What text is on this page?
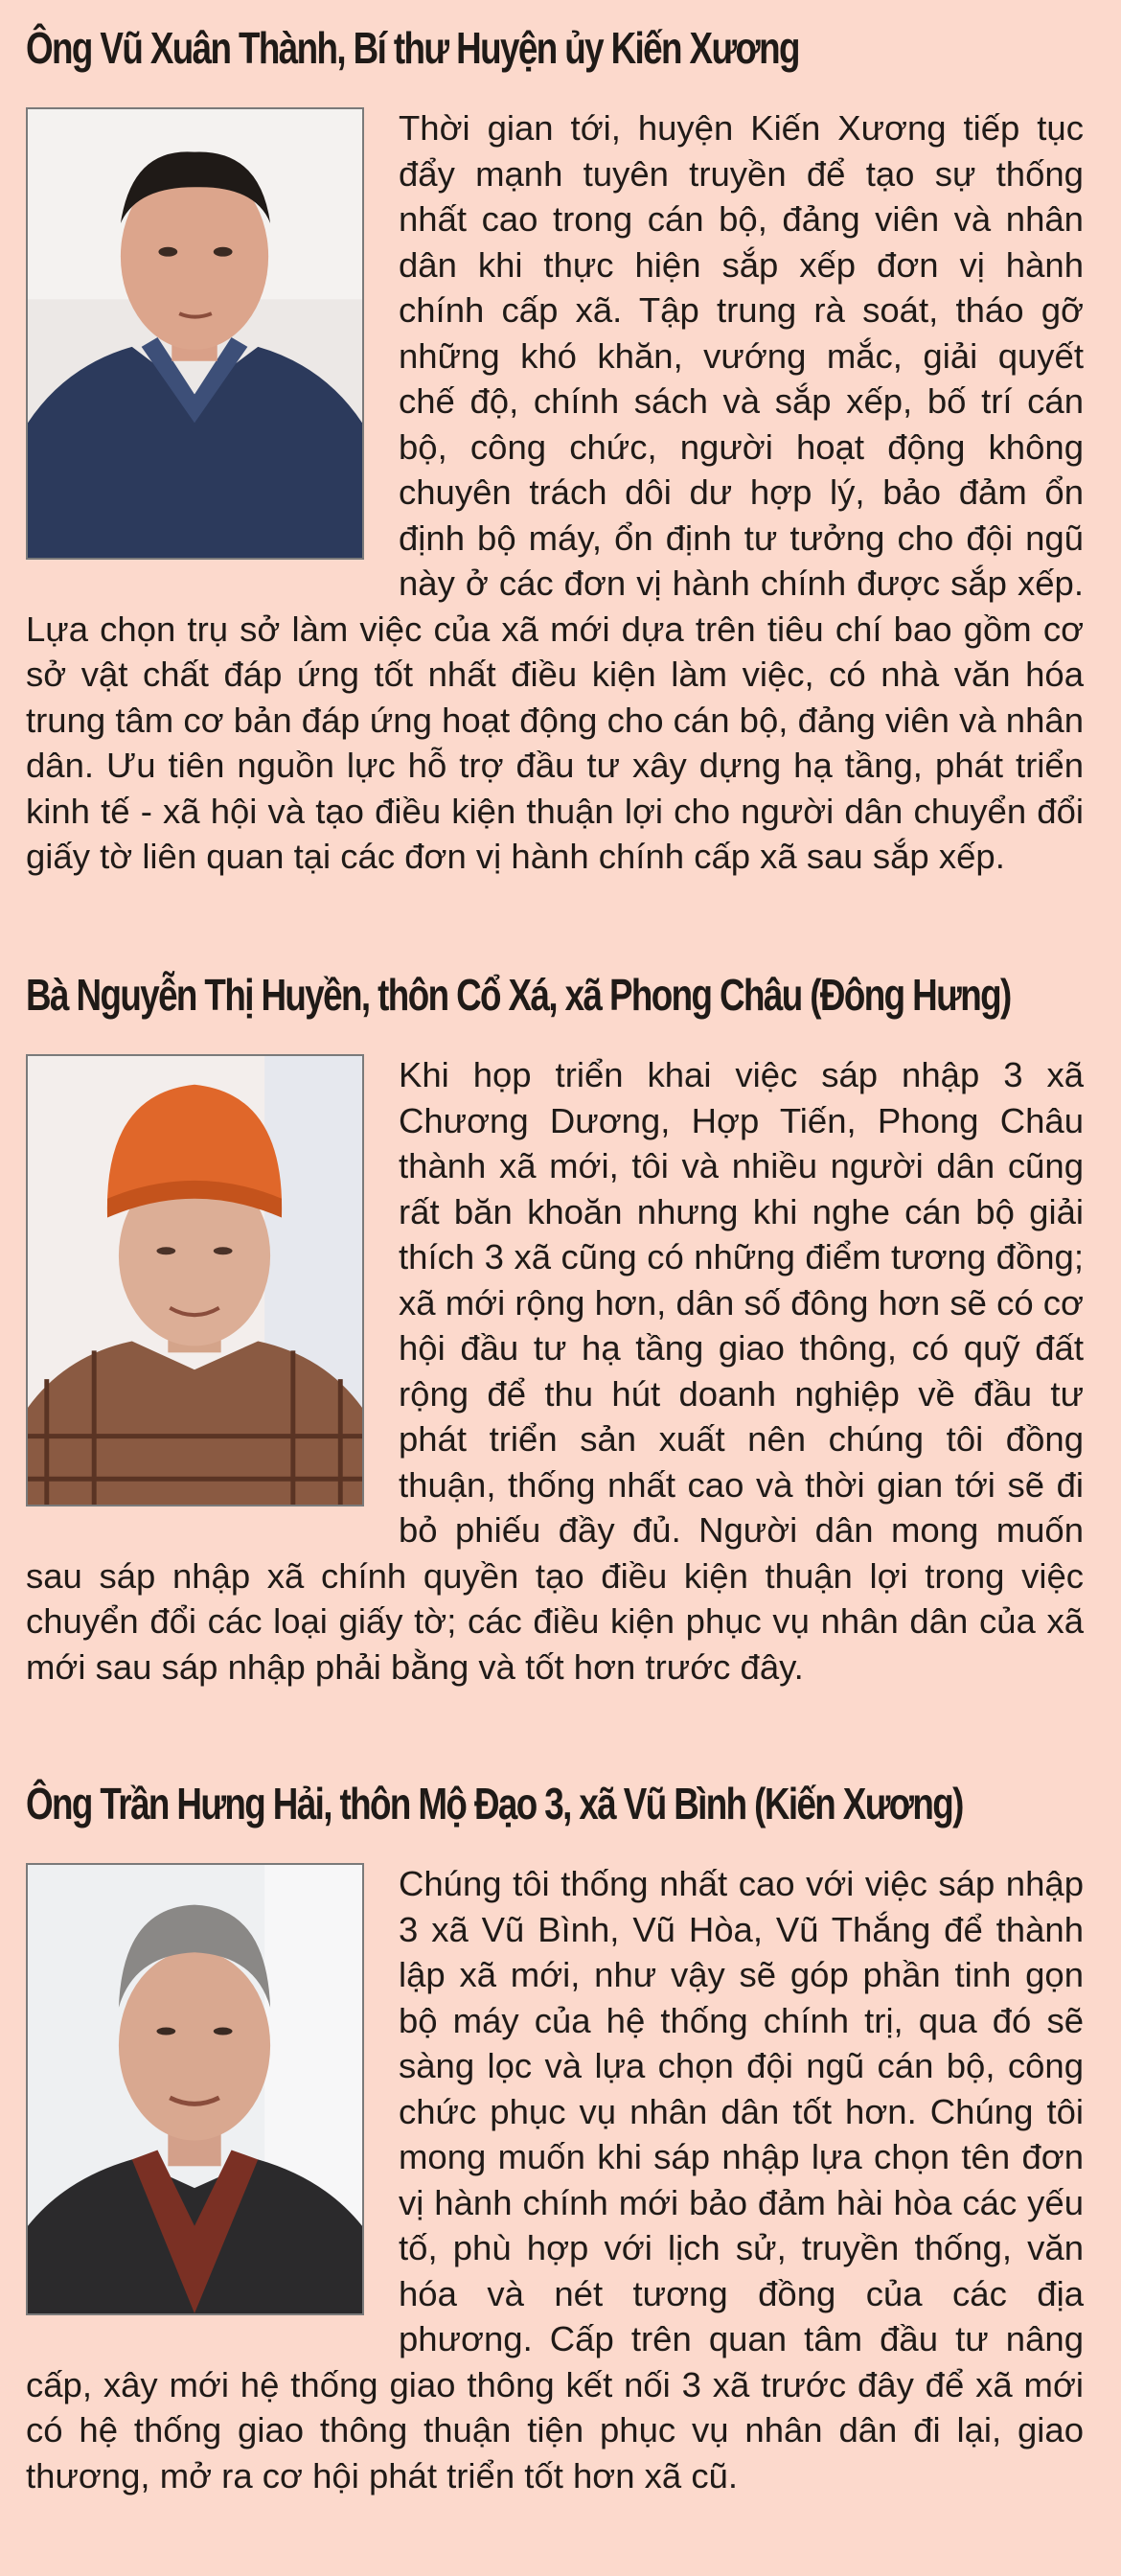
Ông Vũ Xuân Thành, Bí thư Huyện ủy Kiến Xương
Thời gian tới, huyện Kiến Xương tiếp tục đẩy mạnh tuyên truyền để tạo sự thống nhất cao trong cán bộ, đảng viên và nhân dân khi thực hiện sắp xếp đơn vị hành chính cấp xã. Tập trung rà soát, tháo gỡ những khó khăn, vướng mắc, giải quyết chế độ, chính sách và sắp xếp, bố trí cán bộ, công chức, người hoạt động không chuyên trách dôi dư hợp lý, bảo đảm ổn định bộ máy, ổn định tư tưởng cho đội ngũ này ở các đơn vị hành chính được sắp xếp. Lựa chọn trụ sở làm việc của xã mới dựa trên tiêu chí bao gồm cơ sở vật chất đáp ứng tốt nhất điều kiện làm việc, có nhà văn hóa trung tâm cơ bản đáp ứng hoạt động cho cán bộ, đảng viên và nhân dân. Ưu tiên nguồn lực hỗ trợ đầu tư xây dựng hạ tầng, phát triển kinh tế - xã hội và tạo điều kiện thuận lợi cho người dân chuyển đổi giấy tờ liên quan tại các đơn vị hành chính cấp xã sau sắp xếp.
Bà Nguyễn Thị Huyền, thôn Cổ Xá, xã Phong Châu (Đông Hưng)
Khi họp triển khai việc sáp nhập 3 xã Chương Dương, Hợp Tiến, Phong Châu thành xã mới, tôi và nhiều người dân cũng rất băn khoăn nhưng khi nghe cán bộ giải thích 3 xã cũng có những điểm tương đồng; xã mới rộng hơn, dân số đông hơn sẽ có cơ hội đầu tư hạ tầng giao thông, có quỹ đất rộng để thu hút doanh nghiệp về đầu tư phát triển sản xuất nên chúng tôi đồng thuận, thống nhất cao và thời gian tới sẽ đi bỏ phiếu đầy đủ. Người dân mong muốn sau sáp nhập xã chính quyền tạo điều kiện thuận lợi trong việc chuyển đổi các loại giấy tờ; các điều kiện phục vụ nhân dân của xã mới sau sáp nhập phải bằng và tốt hơn trước đây.
Ông Trần Hưng Hải, thôn Mộ Đạo 3, xã Vũ Bình (Kiến Xương)
Chúng tôi thống nhất cao với việc sáp nhập 3 xã Vũ Bình, Vũ Hòa, Vũ Thắng để thành lập xã mới, như vậy sẽ góp phần tinh gọn bộ máy của hệ thống chính trị, qua đó sẽ sàng lọc và lựa chọn đội ngũ cán bộ, công chức phục vụ nhân dân tốt hơn. Chúng tôi mong muốn khi sáp nhập lựa chọn tên đơn vị hành chính mới bảo đảm hài hòa các yếu tố, phù hợp với lịch sử, truyền thống, văn hóa và nét tương đồng của các địa phương. Cấp trên quan tâm đầu tư nâng cấp, xây mới hệ thống giao thông kết nối 3 xã trước đây để xã mới có hệ thống giao thông thuận tiện phục vụ nhân dân đi lại, giao thương, mở ra cơ hội phát triển tốt hơn xã cũ.
